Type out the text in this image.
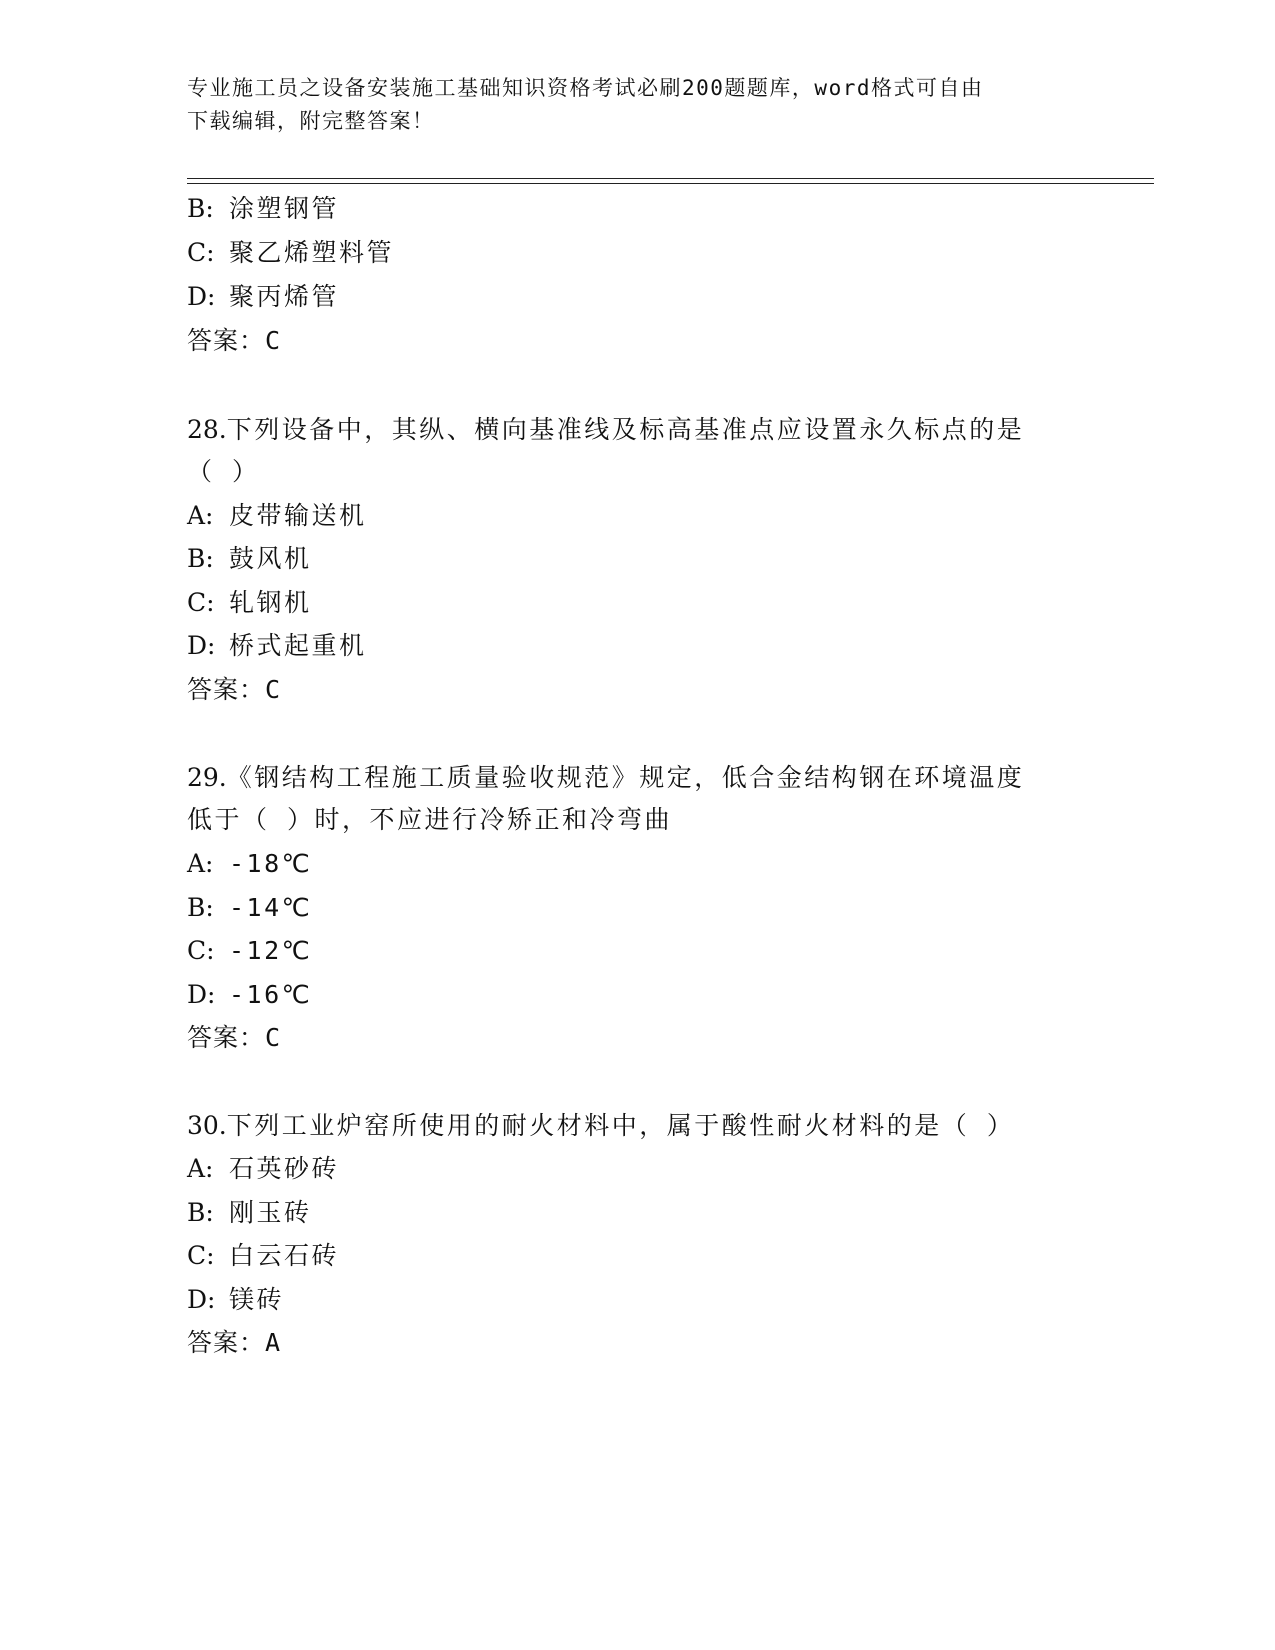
专业施工员之设备安装施工基础知识资格考试必刷200题题库，word格式可自由
下载编辑，附完整答案！
B: 涂塑钢管
C: 聚乙烯塑料管
D: 聚丙烯管
答案：C
28.下列设备中，其纵、横向基准线及标高基准点应设置永久标点的是
（ ）
A: 皮带输送机
B: 鼓风机
C: 轧钢机
D: 桥式起重机
答案：C
29.《钢结构工程施工质量验收规范》规定，低合金结构钢在环境温度
低于（ ）时，不应进行冷矫正和冷弯曲
A: -18℃
B: -14℃
C: -12℃
D: -16℃
答案：C
30.下列工业炉窑所使用的耐火材料中，属于酸性耐火材料的是（ ）
A: 石英砂砖
B: 刚玉砖
C: 白云石砖
D: 镁砖
答案：A
